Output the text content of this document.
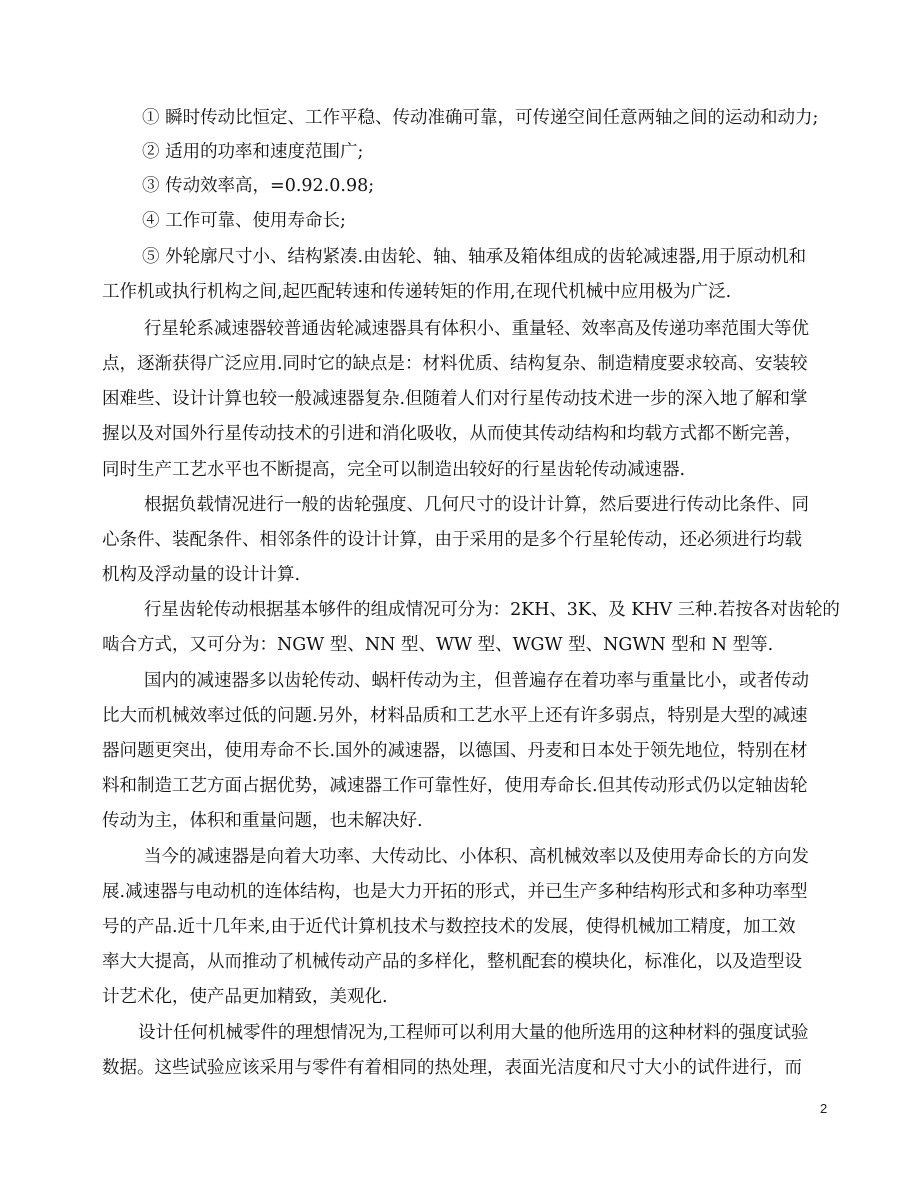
① 瞬时传动比恒定、工作平稳、传动准确可靠，可传递空间任意两轴之间的运动和动力;
② 适用的功率和速度范围广;
③ 传动效率高，=0.92.0.98;
④ 工作可靠、使用寿命长;
⑤ 外轮廓尺寸小、结构紧凑.由齿轮、轴、轴承及箱体组成的齿轮减速器,用于原动机和
工作机或执行机构之间,起匹配转速和传递转矩的作用,在现代机械中应用极为广泛.
行星轮系减速器较普通齿轮减速器具有体积小、重量轻、效率高及传递功率范围大等优
点，逐渐获得广泛应用.同时它的缺点是：材料优质、结构复杂、制造精度要求较高、安装较
困难些、设计计算也较一般减速器复杂.但随着人们对行星传动技术进一步的深入地了解和掌
握以及对国外行星传动技术的引进和消化吸收，从而使其传动结构和均载方式都不断完善，
同时生产工艺水平也不断提高，完全可以制造出较好的行星齿轮传动减速器.
根据负载情况进行一般的齿轮强度、几何尺寸的设计计算，然后要进行传动比条件、同
心条件、装配条件、相邻条件的设计计算，由于采用的是多个行星轮传动，还必须进行均载
机构及浮动量的设计计算.
行星齿轮传动根据基本够件的组成情况可分为：2KH、3K、及 KHV 三种.若按各对齿轮的
啮合方式，又可分为：NGW 型、NN 型、WW 型、WGW 型、NGWN 型和 N 型等.
国内的减速器多以齿轮传动、蜗杆传动为主，但普遍存在着功率与重量比小，或者传动
比大而机械效率过低的问题.另外，材料品质和工艺水平上还有许多弱点，特别是大型的减速
器问题更突出，使用寿命不长.国外的减速器，以德国、丹麦和日本处于领先地位，特别在材
料和制造工艺方面占据优势，减速器工作可靠性好，使用寿命长.但其传动形式仍以定轴齿轮
传动为主，体积和重量问题，也未解决好.
当今的减速器是向着大功率、大传动比、小体积、高机械效率以及使用寿命长的方向发
展.减速器与电动机的连体结构，也是大力开拓的形式，并已生产多种结构形式和多种功率型
号的产品.近十几年来,由于近代计算机技术与数控技术的发展，使得机械加工精度，加工效
率大大提高，从而推动了机械传动产品的多样化，整机配套的模块化，标准化，以及造型设
计艺术化，使产品更加精致，美观化.
设计任何机械零件的理想情况为,工程师可以利用大量的他所选用的这种材料的强度试验
数据。这些试验应该采用与零件有着相同的热处理，表面光洁度和尺寸大小的试件进行，而
2
